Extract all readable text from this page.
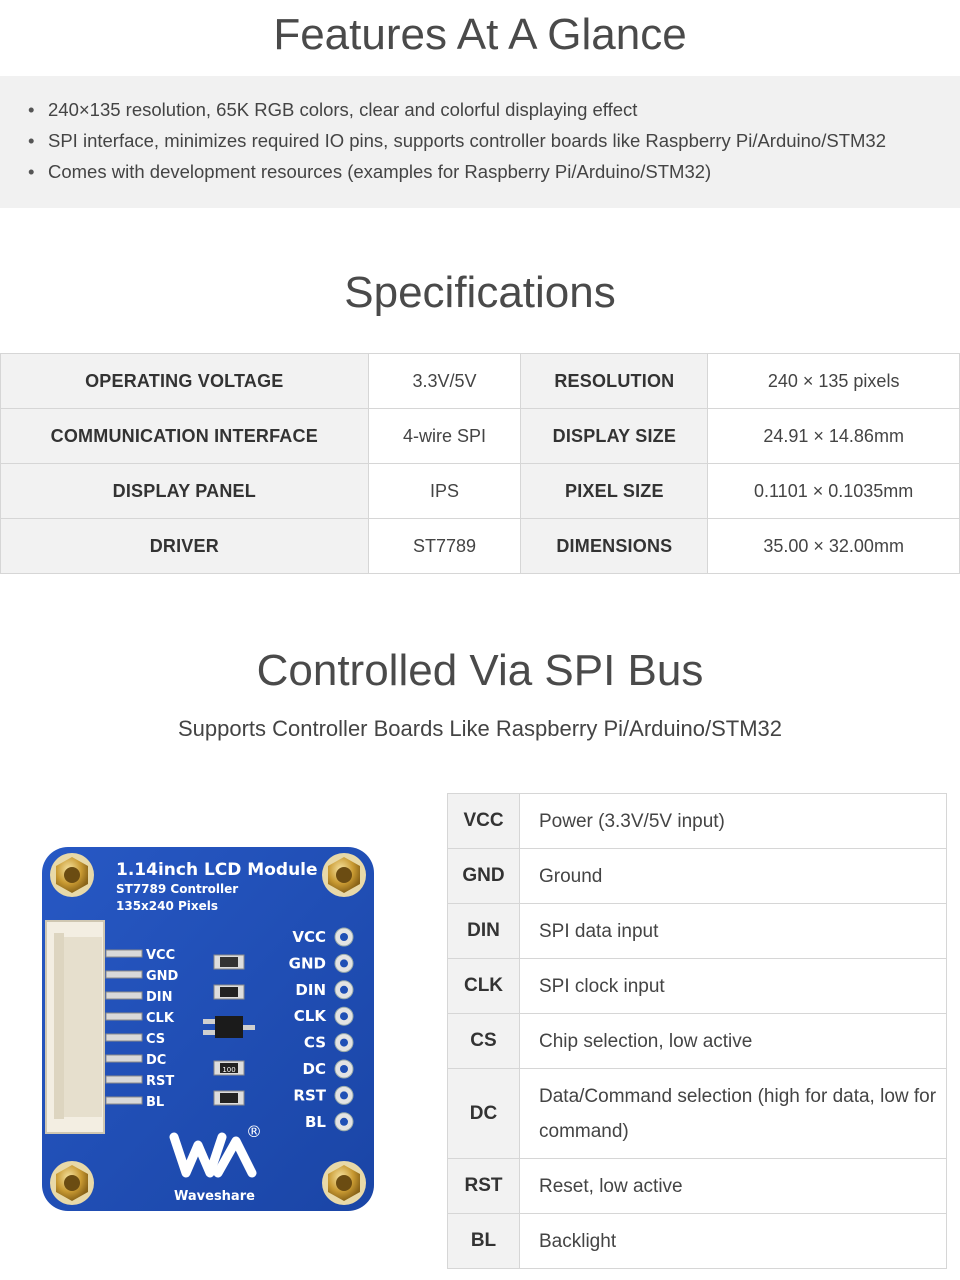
Features At A Glance
• 240×135 resolution, 65K RGB colors, clear and colorful displaying effect
• SPI interface, minimizes required IO pins, supports controller boards like Raspberry Pi/Arduino/STM32
• Comes with development resources (examples for Raspberry Pi/Arduino/STM32)
Specifications
OPERATING VOLTAGE	3.3V/5V	RESOLUTION	240 × 135 pixels
COMMUNICATION INTERFACE	4-wire SPI	DISPLAY SIZE	24.91 × 14.86mm
DISPLAY PANEL	IPS	PIXEL SIZE	0.1101 × 0.1035mm
DRIVER	ST7789	DIMENSIONS	35.00 × 32.00mm
Controlled Via SPI Bus
Supports Controller Boards Like Raspberry Pi/Arduino/STM32
1.14inch LCD Module
ST7789 Controller
135x240 Pixels
VCC
GND
DIN
CLK
CS
DC
RST
BL
VCC
GND
DIN
CLK
CS
DC
RST
BL
100
®
Waveshare
VCC	Power (3.3V/5V input)
GND	Ground
DIN	SPI data input
CLK	SPI clock input
CS	Chip selection, low active
DC	Data/Command selection (high for data, low for command)
RST	Reset, low active
BL	Backlight
